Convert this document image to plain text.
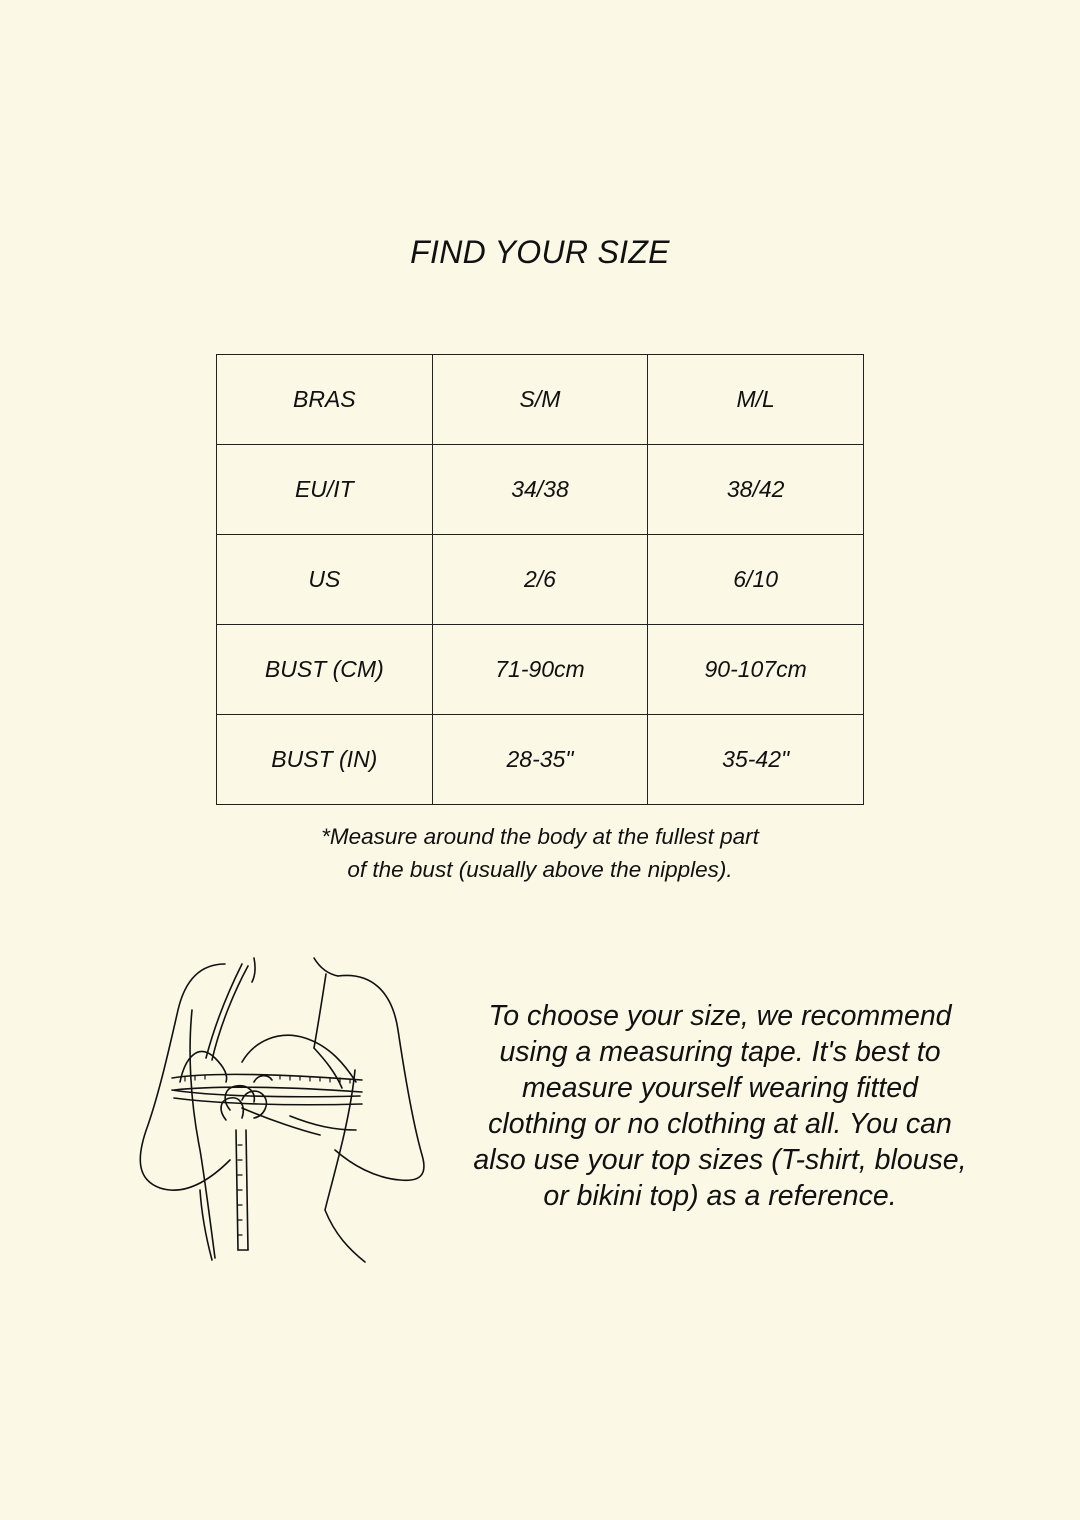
FIND YOUR SIZE
BRAS	S/M	M/L
EU/IT	34/38	38/42
US	2/6	6/10
BUST (CM)	71-90cm	90-107cm
BUST (IN)	28-35"	35-42"
*Measure around the body at the fullest part
of the bust (usually above the nipples).
To choose your size, we recommend using a measuring tape. It's best to measure yourself wearing fitted clothing or no clothing at all. You can also use your top sizes (T-shirt, blouse, or bikini top) as a reference.
